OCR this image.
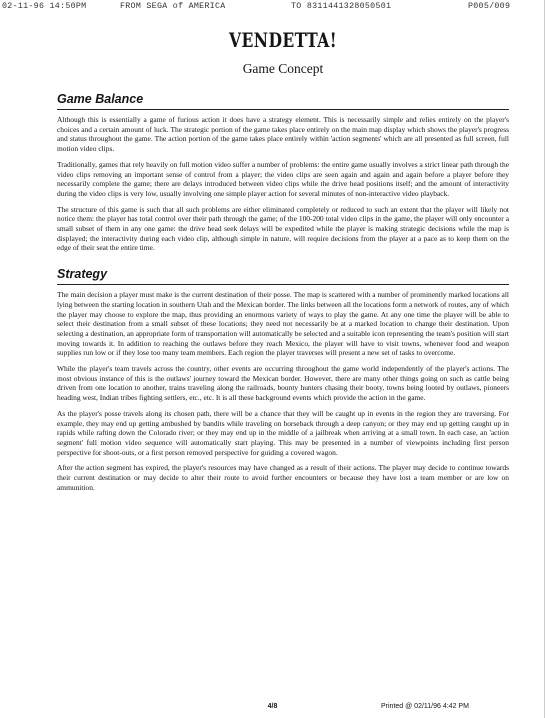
02-11-96 14:50PM	FROM SEGA of AMERICA	TO 8311441328050501	P005/009
VENDETTA!
Game Concept
Game Balance

Although this is essentially a game of furious action it does have a strategy element. This is necessarily simple and relies entirely on the player's choices and a certain amount of luck. The strategic portion of the game takes place entirely on the main map display which shows the player's progress and status throughout the game. The action portion of the game takes place entirely within 'action segments' which are all presented as full screen, full motion video clips.

Traditionally, games that rely heavily on full motion video suffer a number of problems: the entire game usually involves a strict linear path through the video clips removing an important sense of control from a player; the video clips are seen again and again and again before a player before they necessarily complete the game; there are delays introduced between video clips while the drive head positions itself; and the amount of interactivity during the video clips is very low, usually involving one simple player action for several minutes of non-interactive video playback.

The structure of this game is such that all such problems are either eliminated completely or reduced to such an extent that the player will likely not notice them: the player has total control over their path through the game; of the 100-200 total video clips in the game, the player will only encounter a small subset of them in any one game: the drive head seek delays will be expedited while the player is making strategic decisions while the map is displayed; the interactivity during each video clip, although simple in nature, will require decisions from the player at a pace as to keep them on the edge of their seat the entire time.

Strategy

The main decision a player must make is the current destination of their posse. The map is scattered with a number of prominently marked locations all lying between the starting location in southern Utah and the Mexican border. The links between all the locations form a network of routes, any of which the player may choose to explore the map, thus providing an enormous variety of ways to play the game. At any one time the player will be able to select their destination from a small subset of these locations; they need not necessarily be at a marked location to change their destination. Upon selecting a destination, an appropriate form of transportation will automatically be selected and a suitable icon representing the team's position will start moving towards it. In addition to reaching the outlaws before they reach Mexico, the player will have to visit towns, whenever food and weapon supplies run low or if they lose too many team members. Each region the player traverses will present a new set of tasks to overcome.

While the player's team travels across the country, other events are occurring throughout the game world independently of the player's actions. The most obvious instance of this is the outlaws' journey toward the Mexican border. However, there are many other things going on such as cattle being driven from one location to another, trains traveling along the railroads, bounty hunters chasing their booty, towns being looted by outlaws, pioneers heading west, Indian tribes fighting settlers, etc., etc. It is all these background events which provide the action in the game.

As the player's posse travels along its chosen path, there will be a chance that they will be caught up in events in the region they are traversing. For example, they may end up getting ambushed by bandits while traveling on horseback through a deep canyon; or they may end up getting caught up in rapids while rafting down the Colorado river; or they may end up in the middle of a jailbreak when arriving at a small town. In each case, an 'action segment' full motion video sequence will automatically start playing. This may be presented in a number of viewpoints including first person perspective for shoot-outs, or a first person removed perspective for guiding a covered wagon.

After the action segment has expired, the player's resources may have changed as a result of their actions. The player may decide to continue towards their current destination or may decide to alter their route to avoid further encounters or because they have lost a team member or are low on ammunition.

4/8	Printed @ 02/11/96 4:42 PM
